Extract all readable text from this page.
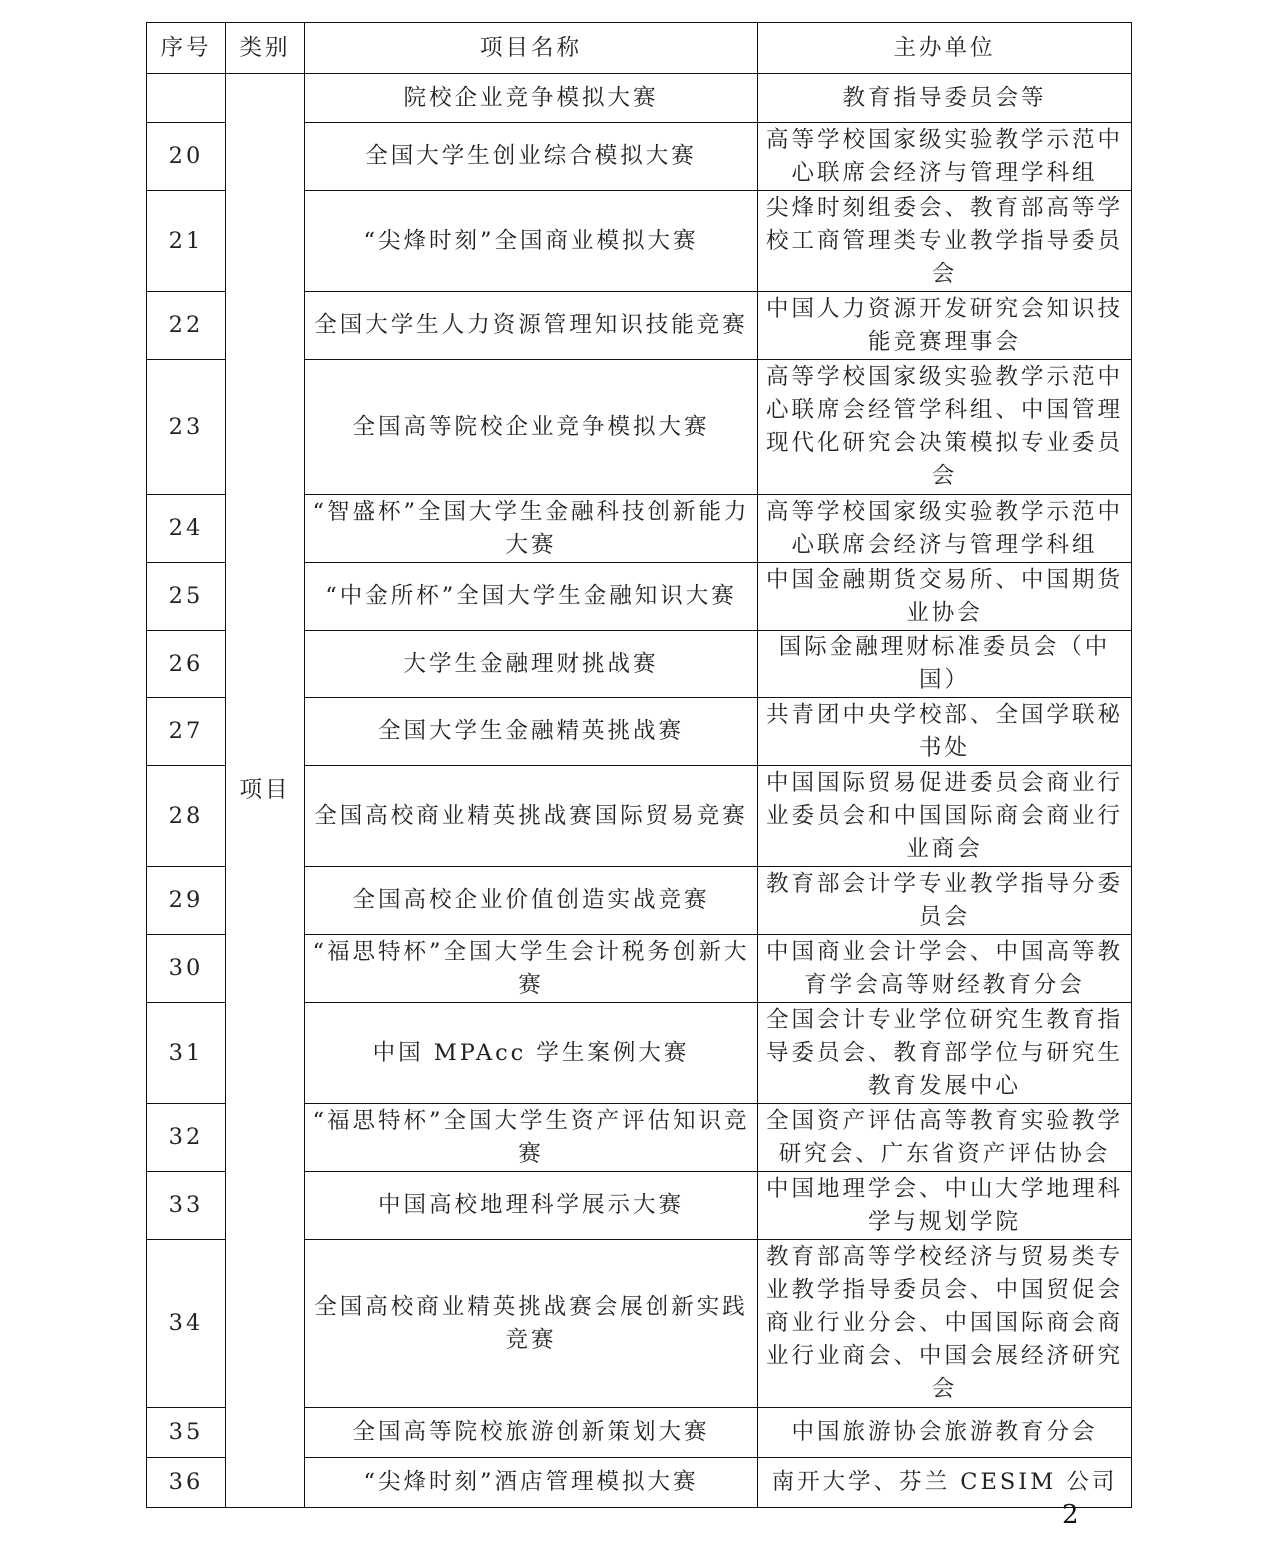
序号	类别	项目名称	主办单位
	项目	院校企业竞争模拟大赛	教育指导委员会等
20		全国大学生创业综合模拟大赛	高等学校国家级实验教学示范中心联席会经济与管理学科组
21		“尖烽时刻”全国商业模拟大赛	尖烽时刻组委会、教育部高等学校工商管理类专业教学指导委员会
22		全国大学生人力资源管理知识技能竞赛	中国人力资源开发研究会知识技能竞赛理事会
23		全国高等院校企业竞争模拟大赛	高等学校国家级实验教学示范中心联席会经管学科组、中国管理现代化研究会决策模拟专业委员会
24		“智盛杯”全国大学生金融科技创新能力大赛	高等学校国家级实验教学示范中心联席会经济与管理学科组
25		“中金所杯”全国大学生金融知识大赛	中国金融期货交易所、中国期货业协会
26		大学生金融理财挑战赛	国际金融理财标准委员会（中国）
27		全国大学生金融精英挑战赛	共青团中央学校部、全国学联秘书处
28		全国高校商业精英挑战赛国际贸易竞赛	中国国际贸易促进委员会商业行业委员会和中国国际商会商业行业商会
29		全国高校企业价值创造实战竞赛	教育部会计学专业教学指导分委员会
30		“福思特杯”全国大学生会计税务创新大赛	中国商业会计学会、中国高等教育学会高等财经教育分会
31		中国 MPAcc 学生案例大赛	全国会计专业学位研究生教育指导委员会、教育部学位与研究生教育发展中心
32		“福思特杯”全国大学生资产评估知识竞赛	全国资产评估高等教育实验教学研究会、广东省资产评估协会
33		中国高校地理科学展示大赛	中国地理学会、中山大学地理科学与规划学院
34		全国高校商业精英挑战赛会展创新实践竞赛	教育部高等学校经济与贸易类专业教学指导委员会、中国贸促会商业行业分会、中国国际商会商业行业商会、中国会展经济研究会
35		全国高等院校旅游创新策划大赛	中国旅游协会旅游教育分会
36		“尖烽时刻”酒店管理模拟大赛	南开大学、芬兰 CESIM 公司
2
